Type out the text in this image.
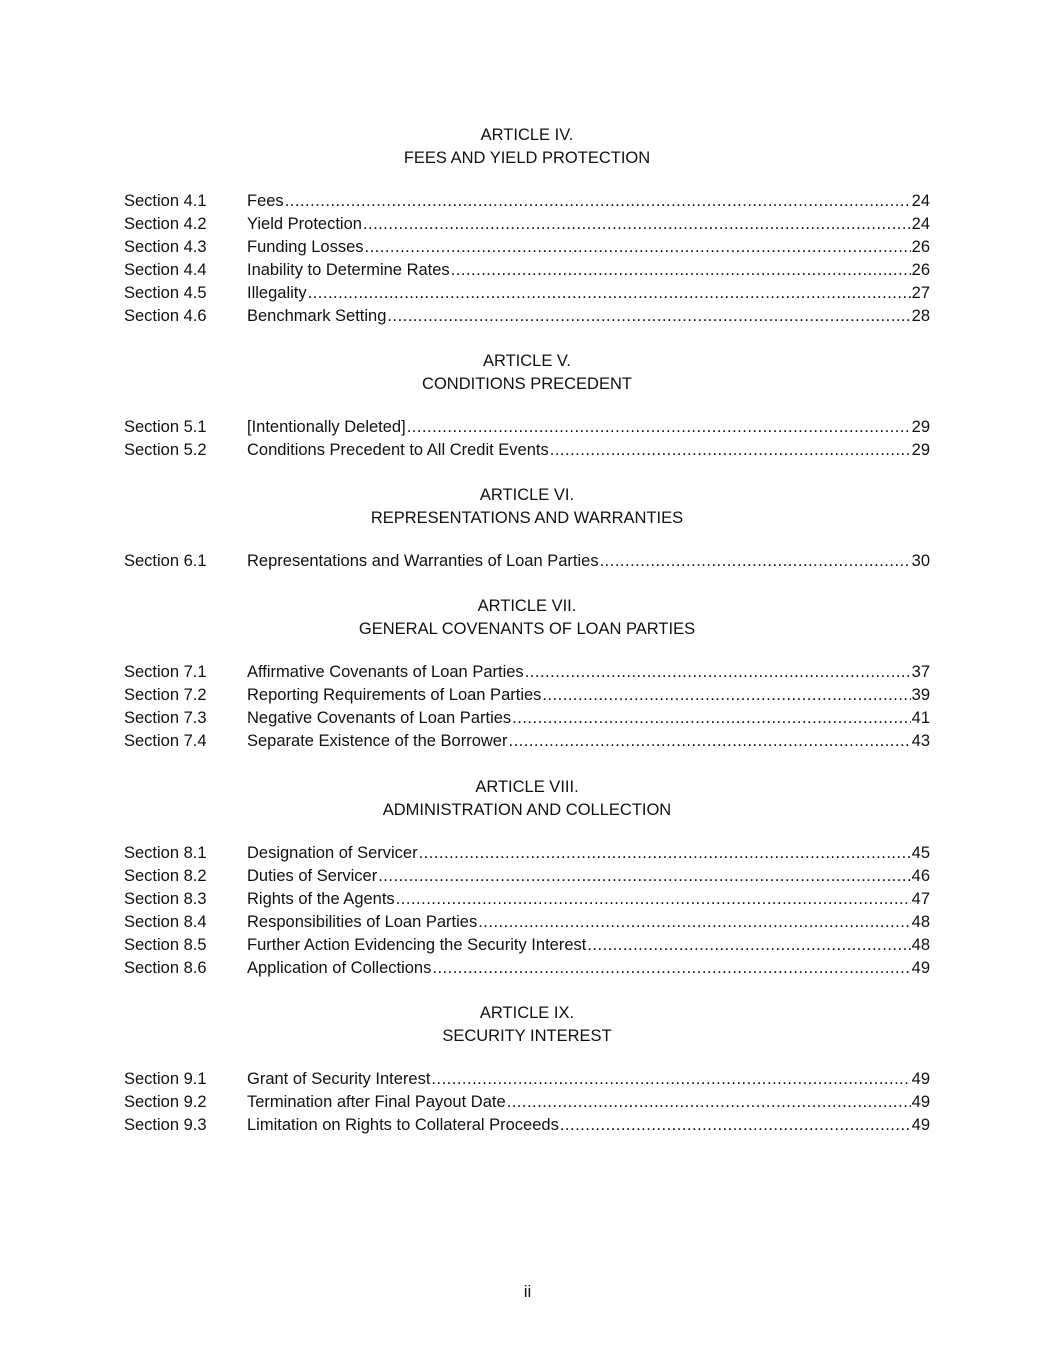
ARTICLE IV.
FEES AND YIELD PROTECTION
Section 4.1	Fees .....	24
Section 4.2	Yield Protection .....	24
Section 4.3	Funding Losses .....	26
Section 4.4	Inability to Determine Rates .....	26
Section 4.5	Illegality .....	27
Section 4.6	Benchmark Setting .....	28
ARTICLE V.
CONDITIONS PRECEDENT
Section 5.1	[Intentionally Deleted] .....	29
Section 5.2	Conditions Precedent to All Credit Events .....	29
ARTICLE VI.
REPRESENTATIONS AND WARRANTIES
Section 6.1	Representations and Warranties of Loan Parties .....	30
ARTICLE VII.
GENERAL COVENANTS OF LOAN PARTIES
Section 7.1	Affirmative Covenants of Loan Parties .....	37
Section 7.2	Reporting Requirements of Loan Parties .....	39
Section 7.3	Negative Covenants of Loan Parties .....	41
Section 7.4	Separate Existence of the Borrower .....	43
ARTICLE VIII.
ADMINISTRATION AND COLLECTION
Section 8.1	Designation of Servicer .....	45
Section 8.2	Duties of Servicer .....	46
Section 8.3	Rights of the Agents .....	47
Section 8.4	Responsibilities of Loan Parties .....	48
Section 8.5	Further Action Evidencing the Security Interest .....	48
Section 8.6	Application of Collections .....	49
ARTICLE IX.
SECURITY INTEREST
Section 9.1	Grant of Security Interest .....	49
Section 9.2	Termination after Final Payout Date .....	49
Section 9.3	Limitation on Rights to Collateral Proceeds .....	49
ii
